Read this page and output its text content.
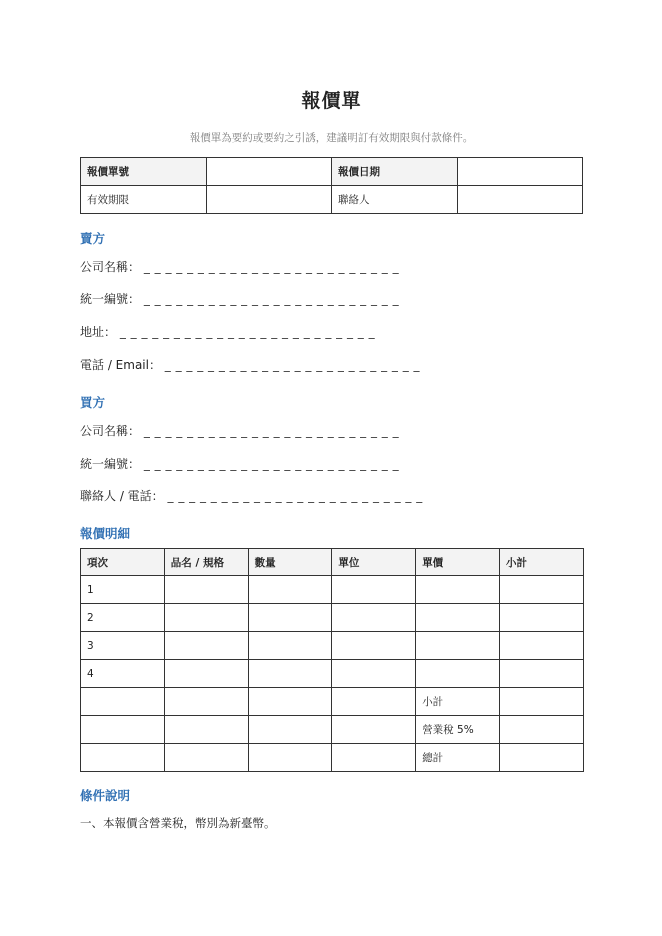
報價單
報價單為要約或要約之引誘，建議明訂有效期限與付款條件。
報價單號		報價日期	
有效期限		聯絡人	
賣方
公司名稱： _ _ _ _ _ _ _ _ _ _ _ _ _ _ _ _ _ _ _ _ _ _ _ _
統一編號： _ _ _ _ _ _ _ _ _ _ _ _ _ _ _ _ _ _ _ _ _ _ _ _
地址： _ _ _ _ _ _ _ _ _ _ _ _ _ _ _ _ _ _ _ _ _ _ _ _
電話 / Email： _ _ _ _ _ _ _ _ _ _ _ _ _ _ _ _ _ _ _ _ _ _ _ _
買方
公司名稱： _ _ _ _ _ _ _ _ _ _ _ _ _ _ _ _ _ _ _ _ _ _ _ _
統一編號： _ _ _ _ _ _ _ _ _ _ _ _ _ _ _ _ _ _ _ _ _ _ _ _
聯絡人 / 電話： _ _ _ _ _ _ _ _ _ _ _ _ _ _ _ _ _ _ _ _ _ _ _ _
報價明細
項次	品名 / 規格	數量	單位	單價	小計
1					
2					
3					
4					
				小計	
				營業稅 5%	
				總計	
條件說明
一、本報價含營業稅，幣別為新臺幣。
